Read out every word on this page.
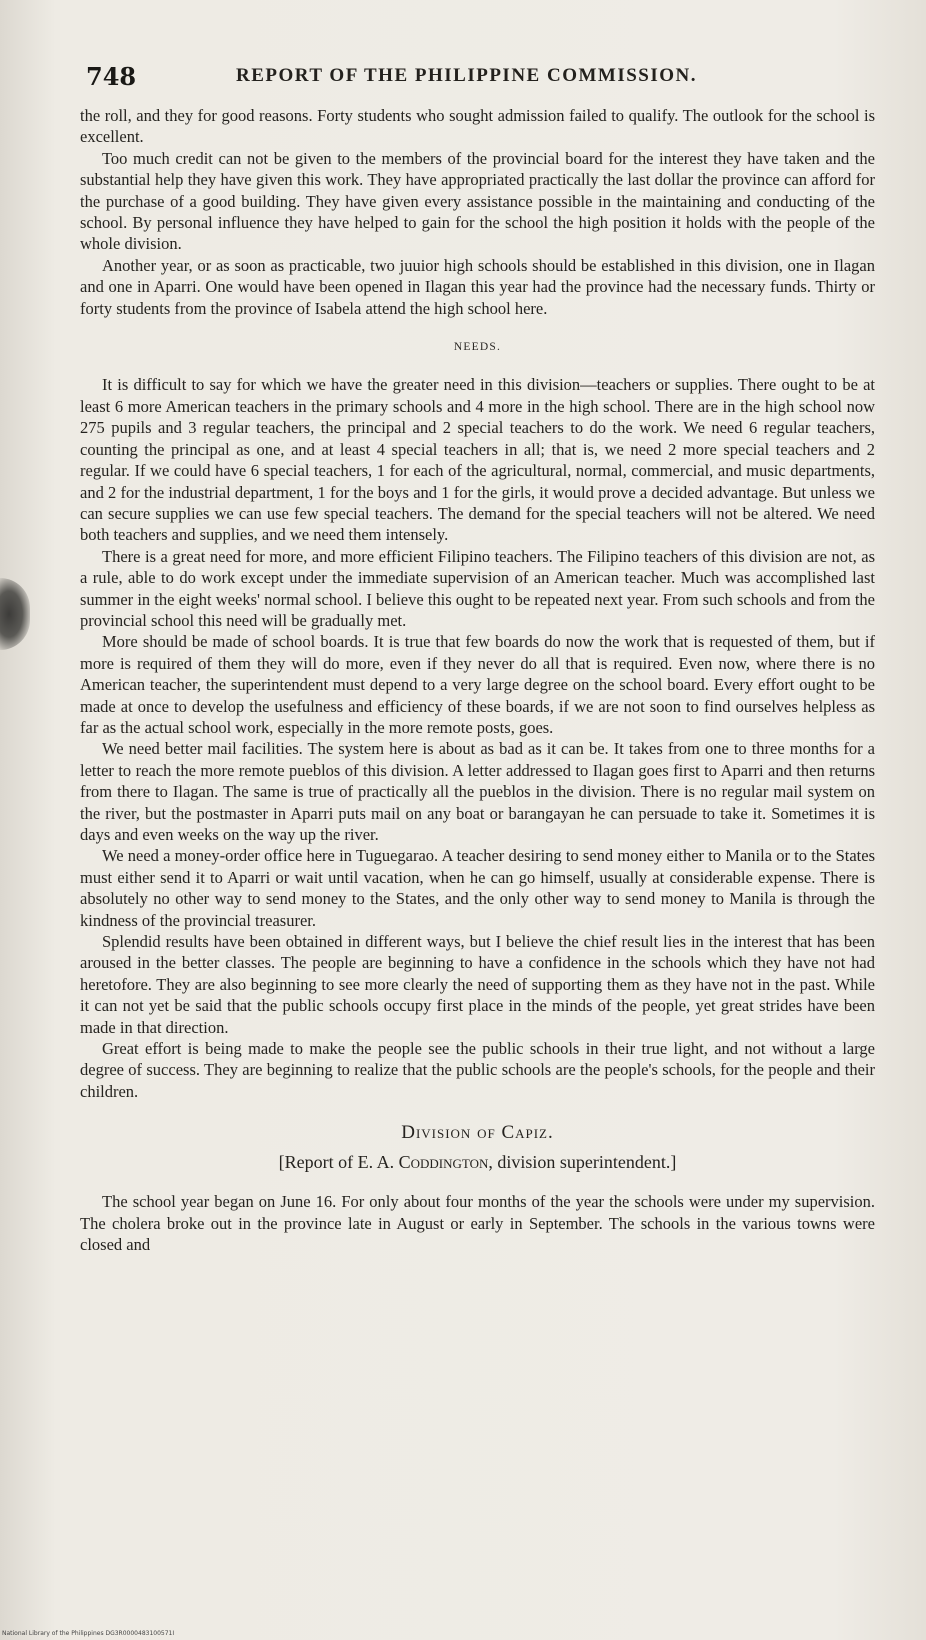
748	REPORT OF THE PHILIPPINE COMMISSION.

the roll, and they for good reasons. Forty students who sought admission failed to qualify. The outlook for the school is excellent.

Too much credit can not be given to the members of the provincial board for the interest they have taken and the substantial help they have given this work. They have appropriated practically the last dollar the province can afford for the purchase of a good building. They have given every assistance possible in the maintaining and conducting of the school. By personal influence they have helped to gain for the school the high position it holds with the people of the whole division.

Another year, or as soon as practicable, two juuior high schools should be established in this division, one in Ilagan and one in Aparri. One would have been opened in Ilagan this year had the province had the necessary funds. Thirty or forty students from the province of Isabela attend the high school here.

NEEDS.

It is difficult to say for which we have the greater need in this division—teachers or supplies. There ought to be at least 6 more American teachers in the primary schools and 4 more in the high school. There are in the high school now 275 pupils and 3 regular teachers, the principal and 2 special teachers to do the work. We need 6 regular teachers, counting the principal as one, and at least 4 special teachers in all; that is, we need 2 more special teachers and 2 regular. If we could have 6 special teachers, 1 for each of the agricultural, normal, commercial, and music departments, and 2 for the industrial department, 1 for the boys and 1 for the girls, it would prove a decided advantage. But unless we can secure supplies we can use few special teachers. The demand for the special teachers will not be altered. We need both teachers and supplies, and we need them intensely.

There is a great need for more, and more efficient Filipino teachers. The Filipino teachers of this division are not, as a rule, able to do work except under the immediate supervision of an American teacher. Much was accomplished last summer in the eight weeks' normal school. I believe this ought to be repeated next year. From such schools and from the provincial school this need will be gradually met.

More should be made of school boards. It is true that few boards do now the work that is requested of them, but if more is required of them they will do more, even if they never do all that is required. Even now, where there is no American teacher, the superintendent must depend to a very large degree on the school board. Every effort ought to be made at once to develop the usefulness and efficiency of these boards, if we are not soon to find ourselves helpless as far as the actual school work, especially in the more remote posts, goes.

We need better mail facilities. The system here is about as bad as it can be. It takes from one to three months for a letter to reach the more remote pueblos of this division. A letter addressed to Ilagan goes first to Aparri and then returns from there to Ilagan. The same is true of practically all the pueblos in the division. There is no regular mail system on the river, but the postmaster in Aparri puts mail on any boat or barangayan he can persuade to take it. Sometimes it is days and even weeks on the way up the river.

We need a money-order office here in Tuguegarao. A teacher desiring to send money either to Manila or to the States must either send it to Aparri or wait until vacation, when he can go himself, usually at considerable expense. There is absolutely no other way to send money to the States, and the only other way to send money to Manila is through the kindness of the provincial treasurer.

Splendid results have been obtained in different ways, but I believe the chief result lies in the interest that has been aroused in the better classes. The people are beginning to have a confidence in the schools which they have not had heretofore. They are also beginning to see more clearly the need of supporting them as they have not in the past. While it can not yet be said that the public schools occupy first place in the minds of the people, yet great strides have been made in that direction.

Great effort is being made to make the people see the public schools in their true light, and not without a large degree of success. They are beginning to realize that the public schools are the people's schools, for the people and their children.

Division of Capiz.
[Report of E. A. Coddington, division superintendent.]

The school year began on June 16. For only about four months of the year the schools were under my supervision. The cholera broke out in the province late in August or early in September. The schools in the various towns were closed and

National Library of the Philippines DG3R0000483100571I
